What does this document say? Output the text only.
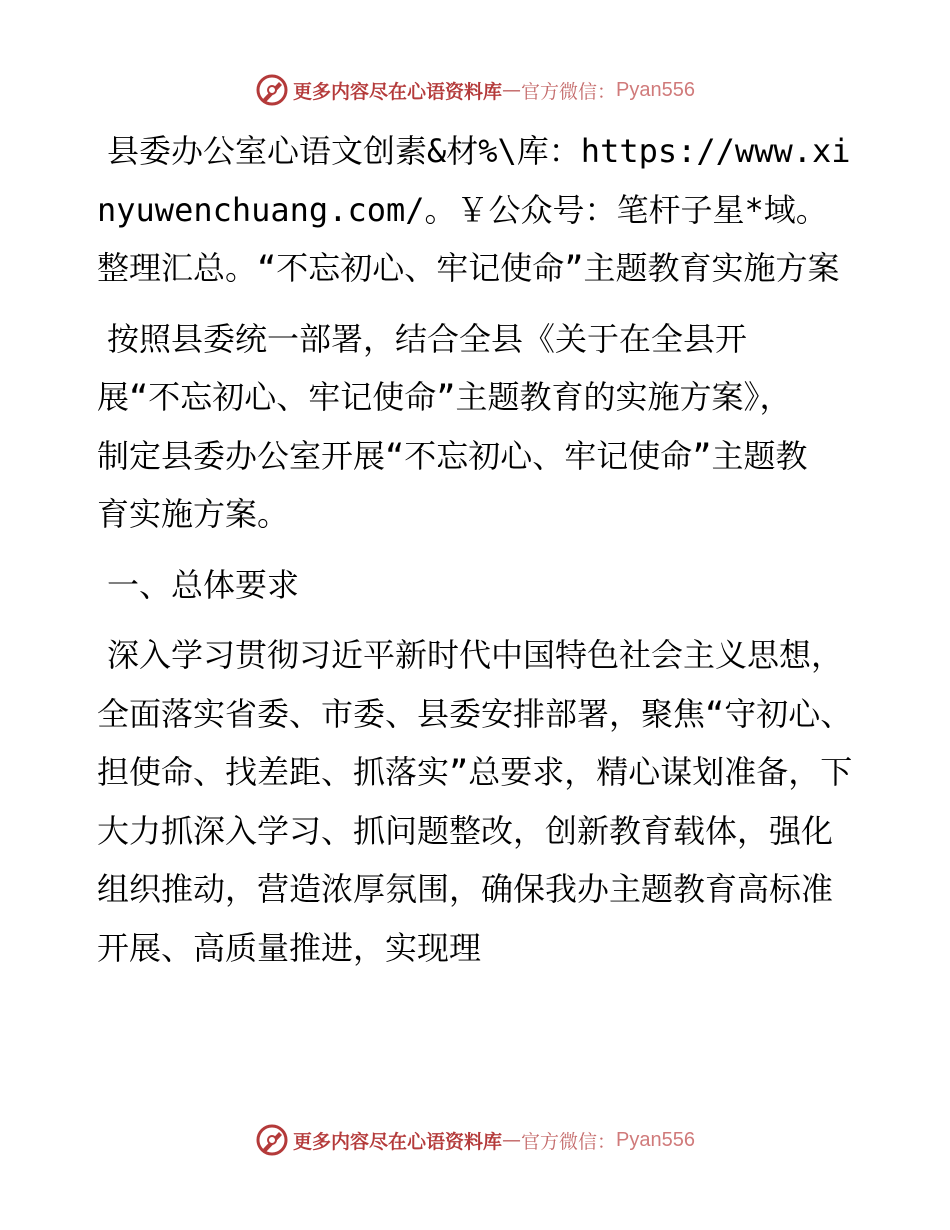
更多内容尽在心语资料库 — 官方微信： Pyan556

县委办公室心语文创素&材%\库：https://www.xinyuwenchuang.com/。￥公众号：笔杆子星*域。整理汇总。“不忘初心、牢记使命”主题教育实施方案

按照县委统一部署，结合全县《关于在全县开展“不忘初心、牢记使命”主题教育的实施方案》，制定县委办公室开展“不忘初心、牢记使命”主题教育实施方案。

一、总体要求

深入学习贯彻习近平新时代中国特色社会主义思想，全面落实省委、市委、县委安排部署，聚焦“守初心、担使命、找差距、抓落实”总要求，精心谋划准备，下大力抓深入学习、抓问题整改，创新教育载体，强化组织推动，营造浓厚氛围，确保我办主题教育高标准开展、高质量推进，实现理

更多内容尽在心语资料库 — 官方微信： Pyan556
